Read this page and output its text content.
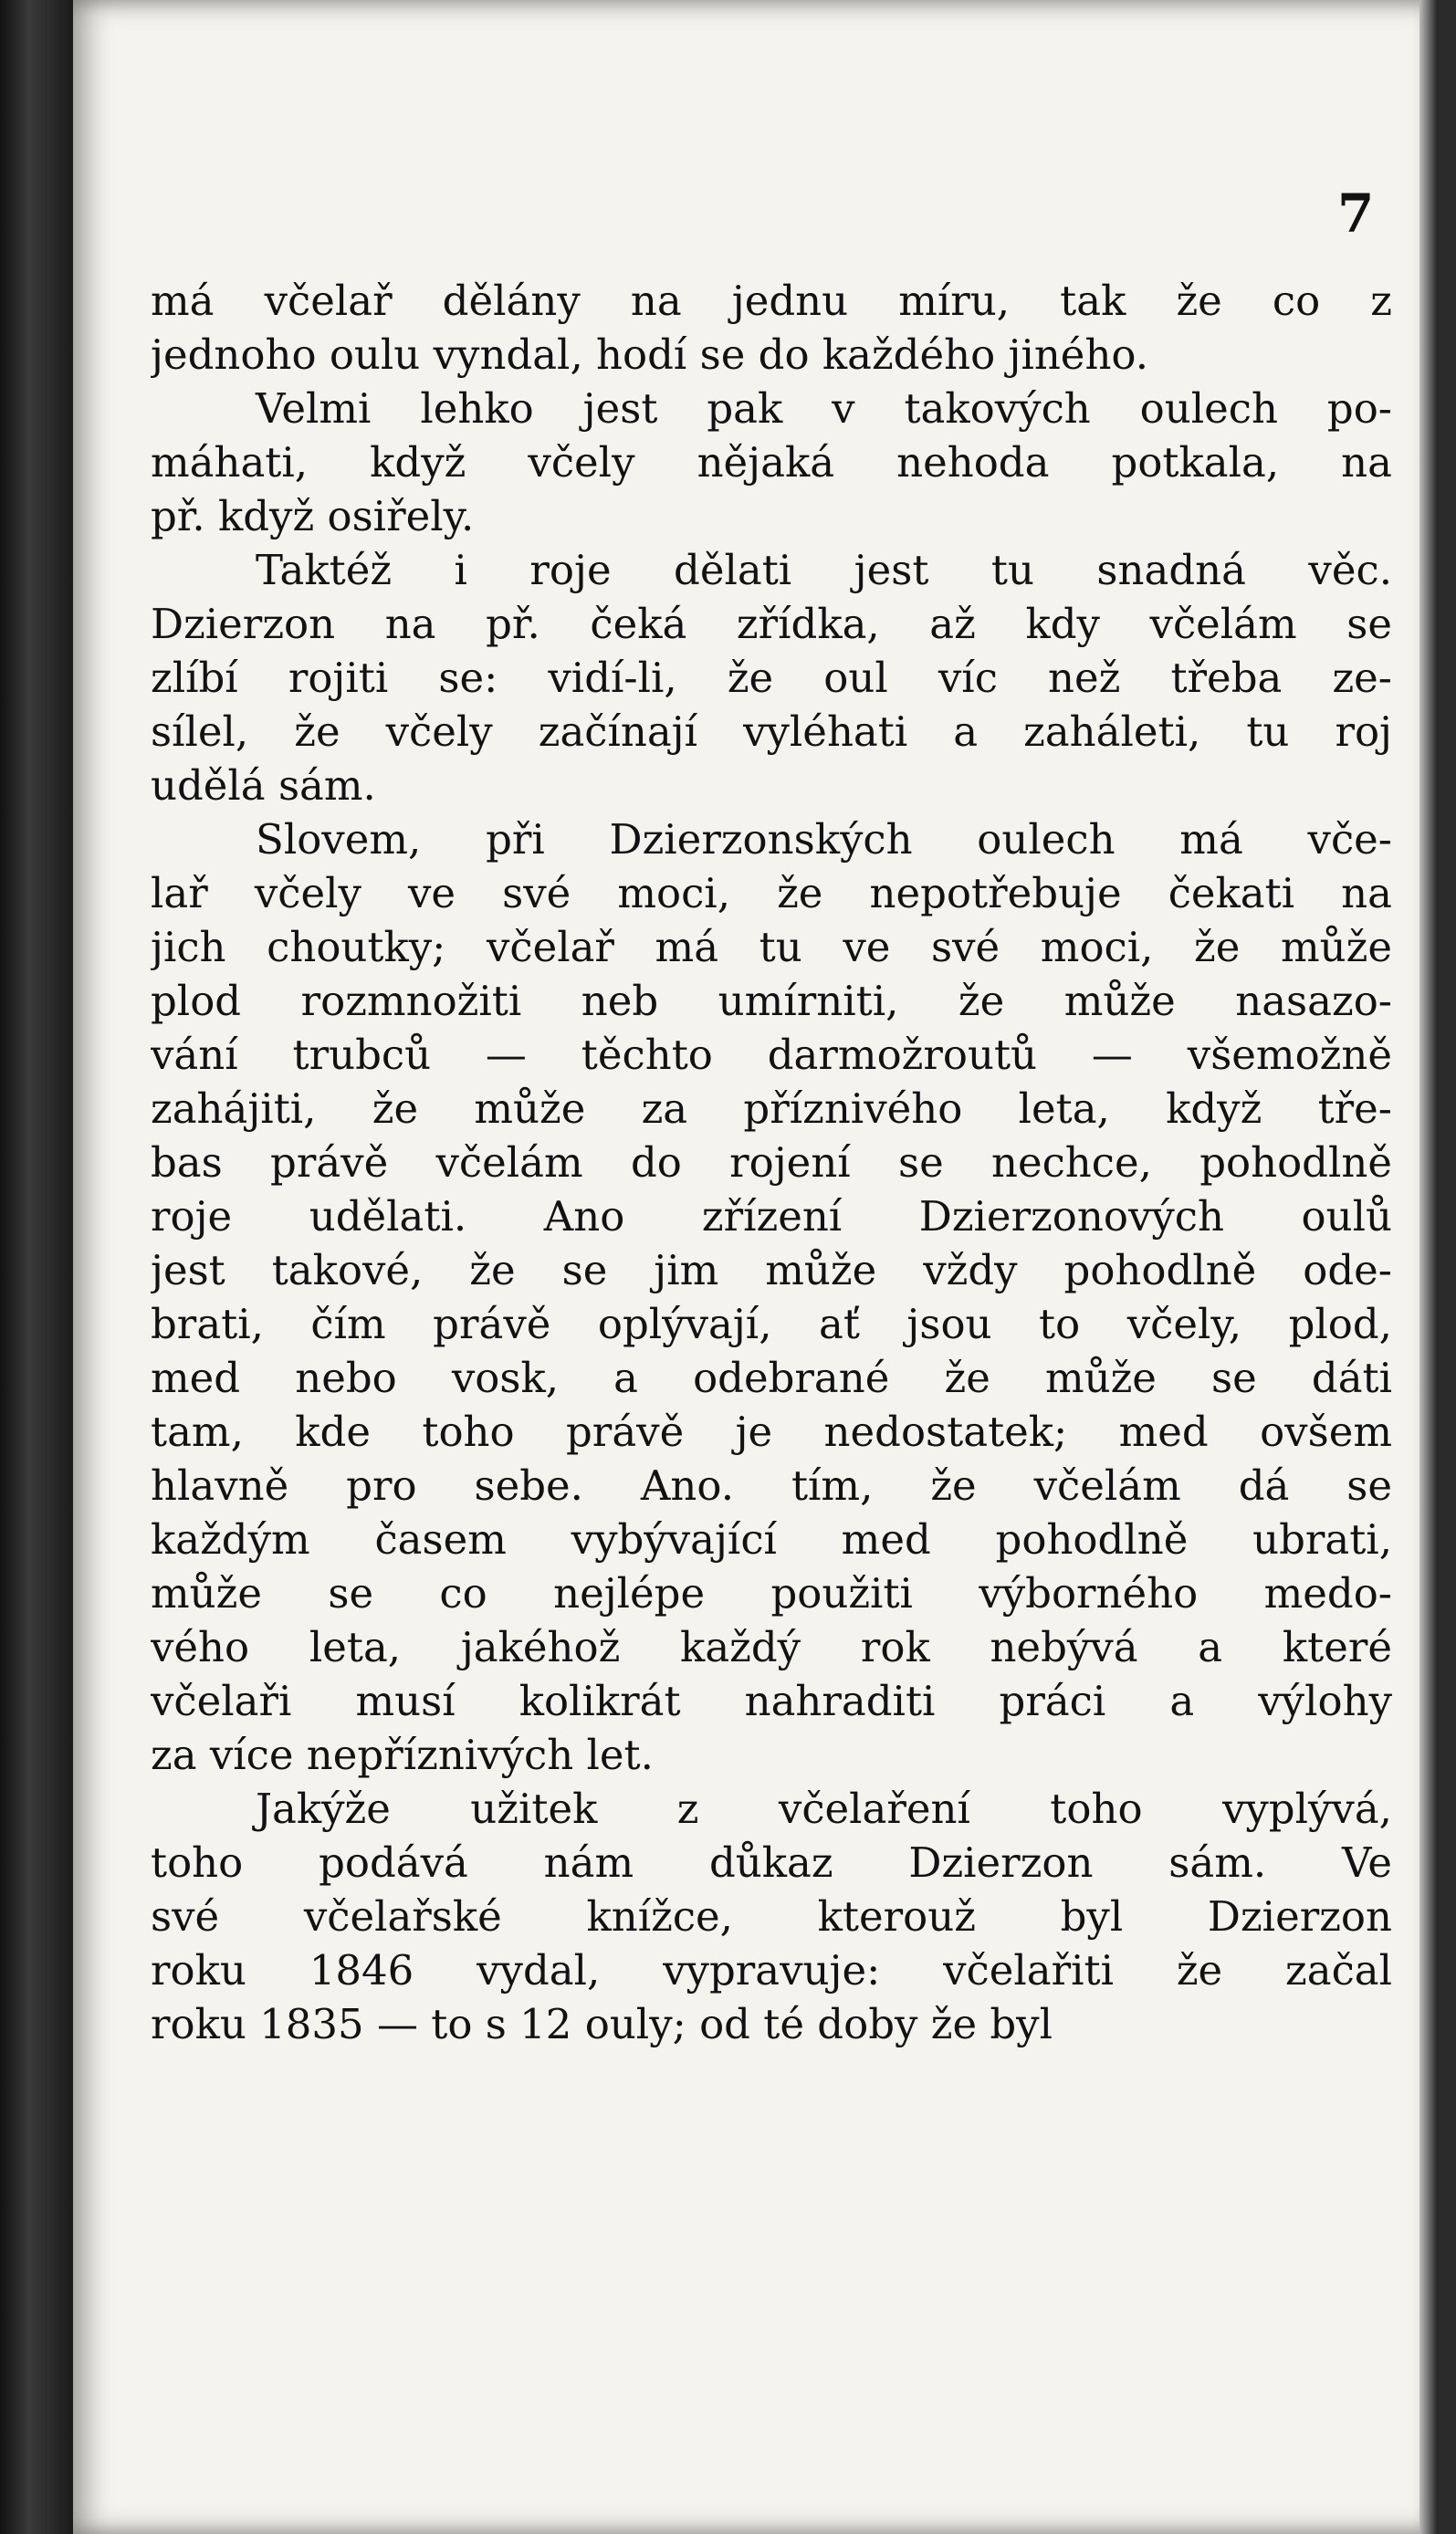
7
má včelař dělány na jednu míru, tak že co z
jednoho oulu vyndal, hodí se do každého jiného.
Velmi lehko jest pak v takových oulech po-
máhati, když včely nějaká nehoda potkala, na
př. když osiřely.
Taktéž i roje dělati jest tu snadná věc.
Dzierzon na př. čeká zřídka, až kdy včelám se
zlíbí rojiti se: vidí-li, že oul víc než třeba ze-
sílel, že včely začínají vyléhati a zaháleti, tu roj
udělá sám.
Slovem, při Dzierzonských oulech má vče-
lař včely ve své moci, že nepotřebuje čekati na
jich choutky; včelař má tu ve své moci, že může
plod rozmnožiti neb umírniti, že může nasazo-
vání trubců — těchto darmožroutů — všemožně
zahájiti, že může za příznivého leta, když tře-
bas právě včelám do rojení se nechce, pohodlně
roje udělati. Ano zřízení Dzierzonových oulů
jest takové, že se jim může vždy pohodlně ode-
brati, čím právě oplývají, ať jsou to včely, plod,
med nebo vosk, a odebrané že může se dáti
tam, kde toho právě je nedostatek; med ovšem
hlavně pro sebe. Ano. tím, že včelám dá se
každým časem vybývající med pohodlně ubrati,
může se co nejlépe použiti výborného medo-
vého leta, jakéhož každý rok nebývá a které
včelaři musí kolikrát nahraditi práci a výlohy
za více nepříznivých let.
Jakýže užitek z včelaření toho vyplývá,
toho podává nám důkaz Dzierzon sám. Ve
své včelařské knížce, kterouž byl Dzierzon
roku 1846 vydal, vypravuje: včelařiti že začal
roku 1835 — to s 12 ouly; od té doby že byl
